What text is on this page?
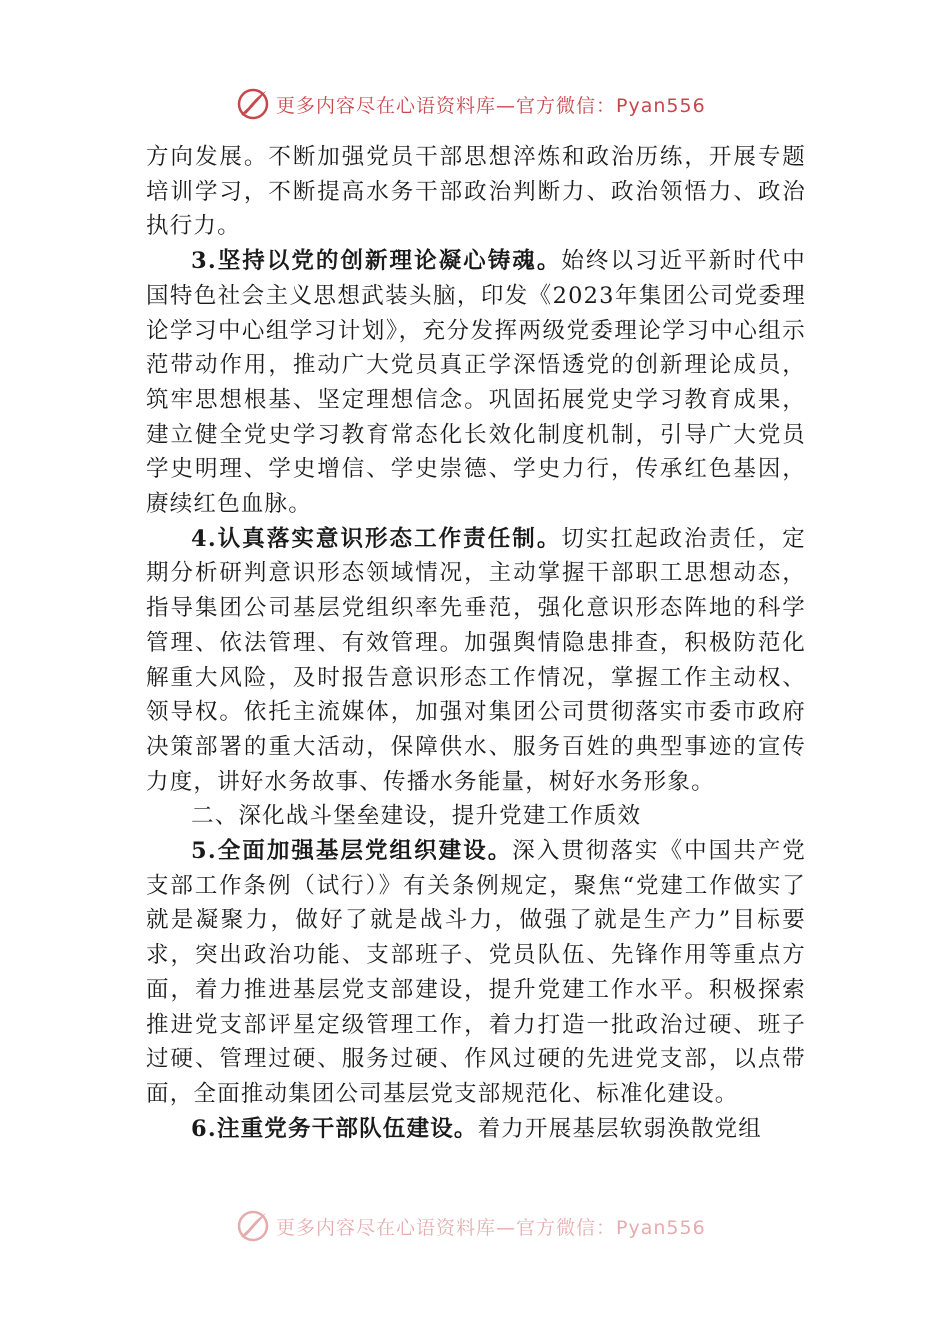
更多内容尽在心语资料库—官方微信：Pyan556

方向发展。不断加强党员干部思想淬炼和政治历练，开展专题培训学习，不断提高水务干部政治判断力、政治领悟力、政治执行力。

3.坚持以党的创新理论凝心铸魂。始终以习近平新时代中国特色社会主义思想武装头脑，印发《2023年集团公司党委理论学习中心组学习计划》，充分发挥两级党委理论学习中心组示范带动作用，推动广大党员真正学深悟透党的创新理论成员，筑牢思想根基、坚定理想信念。巩固拓展党史学习教育成果，建立健全党史学习教育常态化长效化制度机制，引导广大党员学史明理、学史增信、学史崇德、学史力行，传承红色基因，赓续红色血脉。

4.认真落实意识形态工作责任制。切实扛起政治责任，定期分析研判意识形态领域情况，主动掌握干部职工思想动态，指导集团公司基层党组织率先垂范，强化意识形态阵地的科学管理、依法管理、有效管理。加强舆情隐患排查，积极防范化解重大风险，及时报告意识形态工作情况，掌握工作主动权、领导权。依托主流媒体，加强对集团公司贯彻落实市委市政府决策部署的重大活动，保障供水、服务百姓的典型事迹的宣传力度，讲好水务故事、传播水务能量，树好水务形象。

二、深化战斗堡垒建设，提升党建工作质效

5.全面加强基层党组织建设。深入贯彻落实《中国共产党支部工作条例（试行）》有关条例规定，聚焦“党建工作做实了就是凝聚力，做好了就是战斗力，做强了就是生产力”目标要求，突出政治功能、支部班子、党员队伍、先锋作用等重点方面，着力推进基层党支部建设，提升党建工作水平。积极探索推进党支部评星定级管理工作，着力打造一批政治过硬、班子过硬、管理过硬、服务过硬、作风过硬的先进党支部，以点带面，全面推动集团公司基层党支部规范化、标准化建设。

6.注重党务干部队伍建设。着力开展基层软弱涣散党组

更多内容尽在心语资料库—官方微信：Pyan556
